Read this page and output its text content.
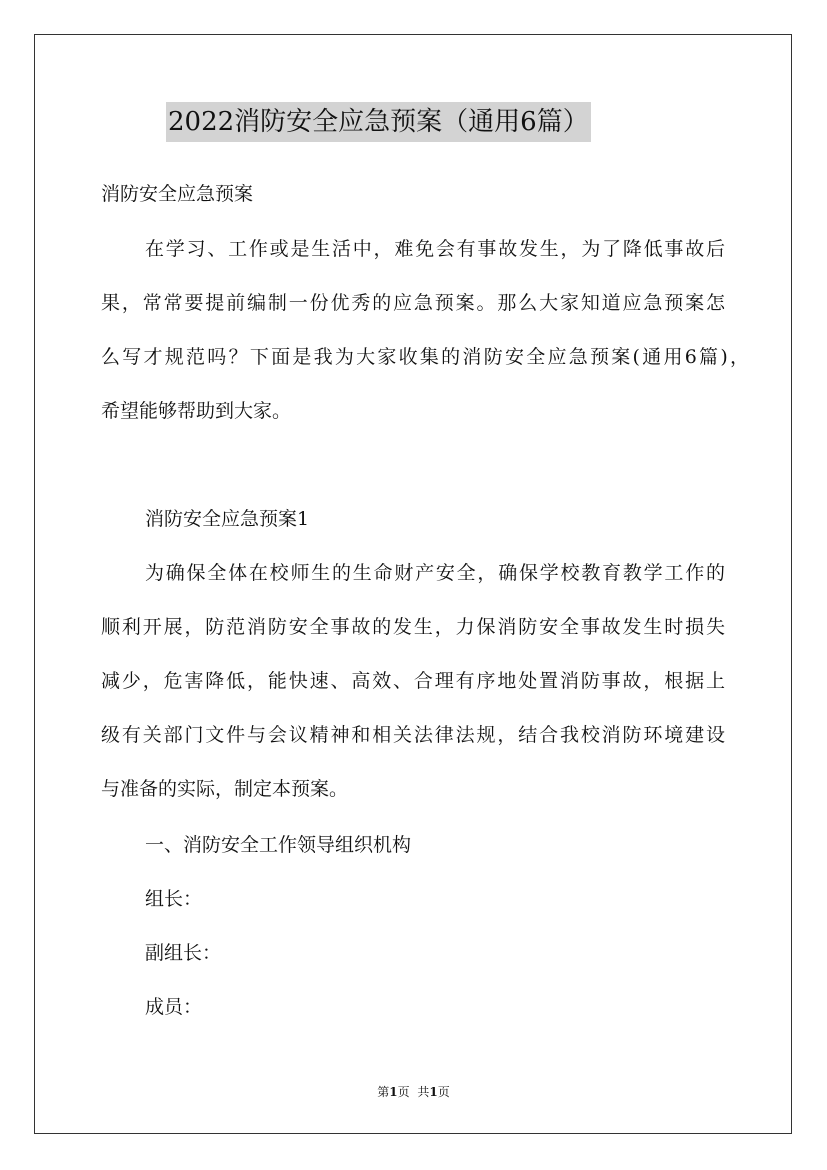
2022消防安全应急预案（通用6篇）
消防安全应急预案
在学习、工作或是生活中，难免会有事故发生，为了降低事故后
果，常常要提前编制一份优秀的应急预案。那么大家知道应急预案怎
么写才规范吗？下面是我为大家收集的消防安全应急预案(通用6篇)，
希望能够帮助到大家。
消防安全应急预案1
为确保全体在校师生的生命财产安全，确保学校教育教学工作的
顺利开展，防范消防安全事故的发生，力保消防安全事故发生时损失
减少，危害降低，能快速、高效、合理有序地处置消防事故，根据上
级有关部门文件与会议精神和相关法律法规，结合我校消防环境建设
与准备的实际，制定本预案。
一、消防安全工作领导组织机构
组长：
副组长：
成员：
第1页 共1页
